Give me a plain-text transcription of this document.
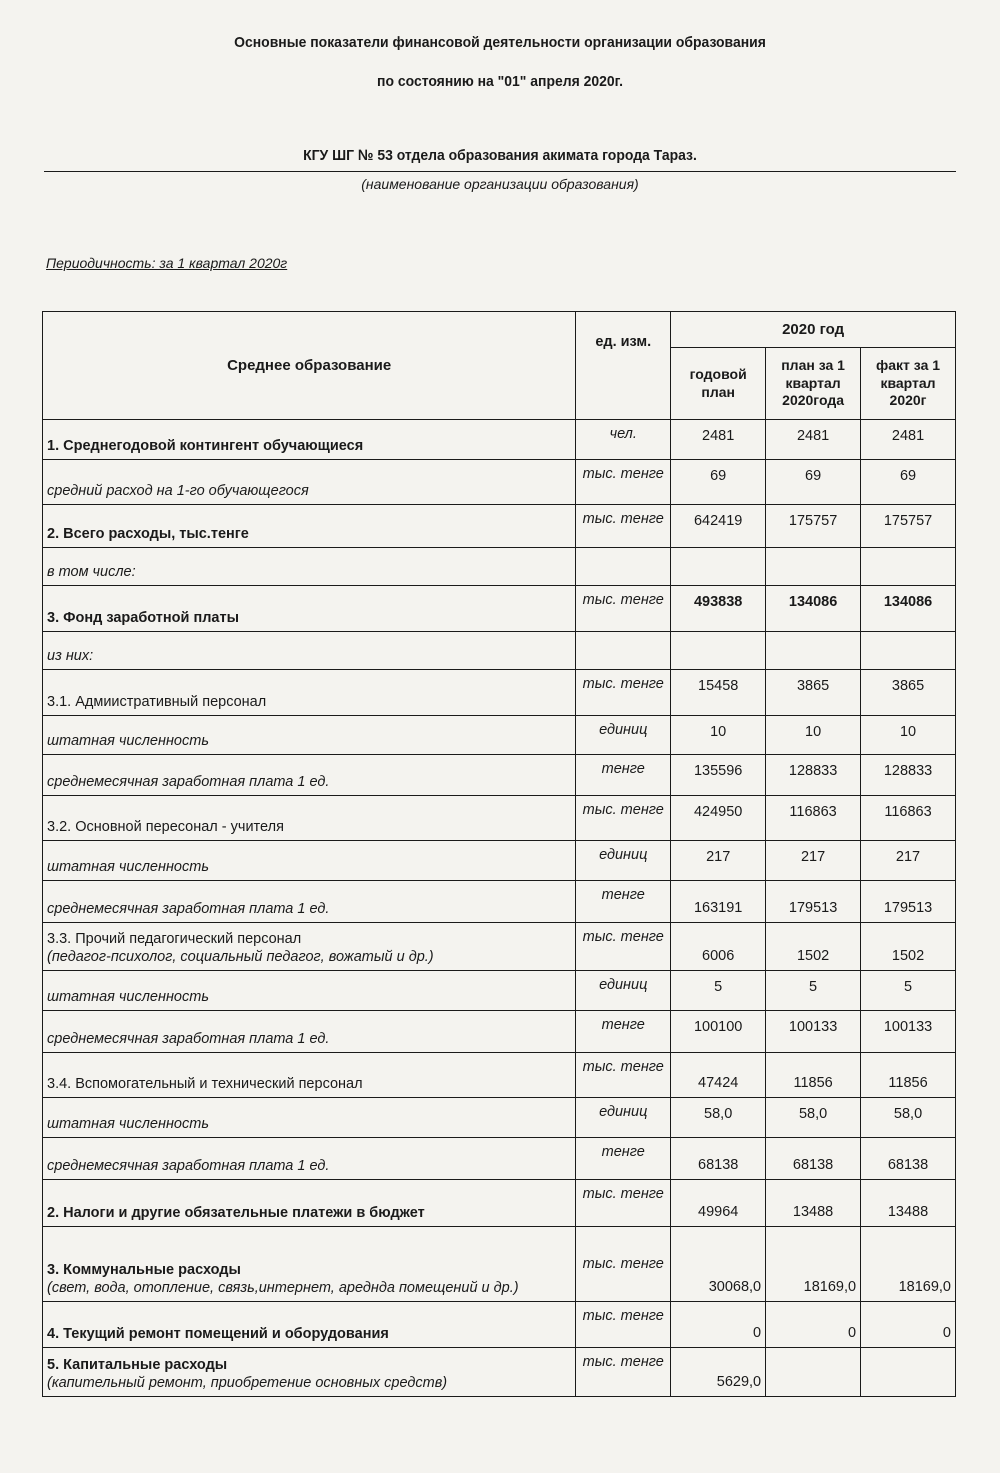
Основные показатели финансовой деятельности организации образования
по состоянию на "01" апреля 2020г.
КГУ ШГ № 53 отдела образования акимата города Тараз.
(наименование организации образования)
Периодичность: за 1 квартал 2020г
Среднее образование	ед. изм.	2020 год		
		годовой план	план за 1 квартал 2020года	факт за 1 квартал 2020г
1. Среднегодовой контингент обучающиеся	чел.	2481	2481	2481
средний расход на 1-го обучающегося	тыс. тенге	69	69	69
2. Всего расходы, тыс.тенге	тыс. тенге	642419	175757	175757
в том числе:				
3. Фонд заработной платы	тыс. тенге	493838	134086	134086
из них:				
3.1. Адмиистративный персонал	тыс. тенге	15458	3865	3865
штатная численность	единиц	10	10	10
среднемесячная заработная плата 1 ед.	тенге	135596	128833	128833
3.2. Основной пересонал - учителя	тыс. тенге	424950	116863	116863
штатная численность	единиц	217	217	217
среднемесячная заработная плата 1 ед.	тенге	163191	179513	179513

3.3. Прочий педагогический персонал
(педагог-психолог, социальный педагог, вожатый и др.)	тыс. тенге	6006	1502	1502
штатная численность	единиц	5	5	5
среднемесячная заработная плата 1 ед.	тенге	100100	100133	100133
3.4. Вспомогательный и технический персонал	тыс. тенге	47424	11856	11856
штатная численность	единиц	58,0	58,0	58,0
среднемесячная заработная плата 1 ед.	тенге	68138	68138	68138
2. Налоги и другие обязательные платежи в бюджет	тыс. тенге	49964	13488	13488

3. Коммунальные расходы
(свет, вода, отопление, связь,интернет, ареднда помещений и др.)	тыс. тенге	30068,0	18169,0	18169,0
4. Текущий ремонт помещений и оборудования	тыс. тенге	0	0	0

5. Капитальные расходы
(капительный ремонт, приобретение основных средств)	тыс. тенге	5629,0		
